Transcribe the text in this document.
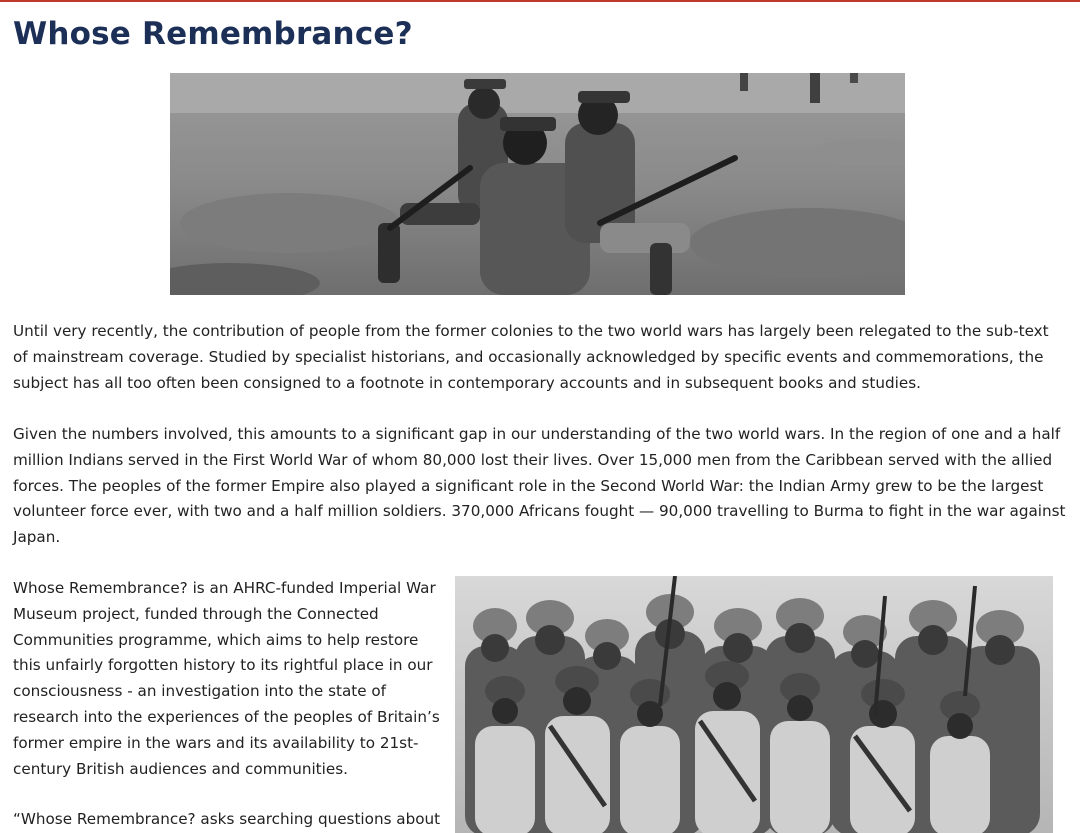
Whose Remembrance?

Until very recently, the contribution of people from the former colonies to the two world wars has largely been relegated to the sub-text of mainstream coverage. Studied by specialist historians, and occasionally acknowledged by specific events and commemorations, the subject has all too often been consigned to a footnote in contemporary accounts and in subsequent books and studies.

Given the numbers involved, this amounts to a significant gap in our understanding of the two world wars. In the region of one and a half million Indians served in the First World War of whom 80,000 lost their lives. Over 15,000 men from the Caribbean served with the allied forces. The peoples of the former Empire also played a significant role in the Second World War: the Indian Army grew to be the largest volunteer force ever, with two and a half million soldiers. 370,000 Africans fought — 90,000 travelling to Burma to fight in the war against Japan.

Whose Remembrance? is an AHRC-funded Imperial War Museum project, funded through the Connected Communities programme, which aims to help restore this unfairly forgotten history to its rightful place in our consciousness - an investigation into the state of research into the experiences of the peoples of Britain’s former empire in the wars and its availability to 21st-century British audiences and communities.

“Whose Remembrance? asks searching questions about
